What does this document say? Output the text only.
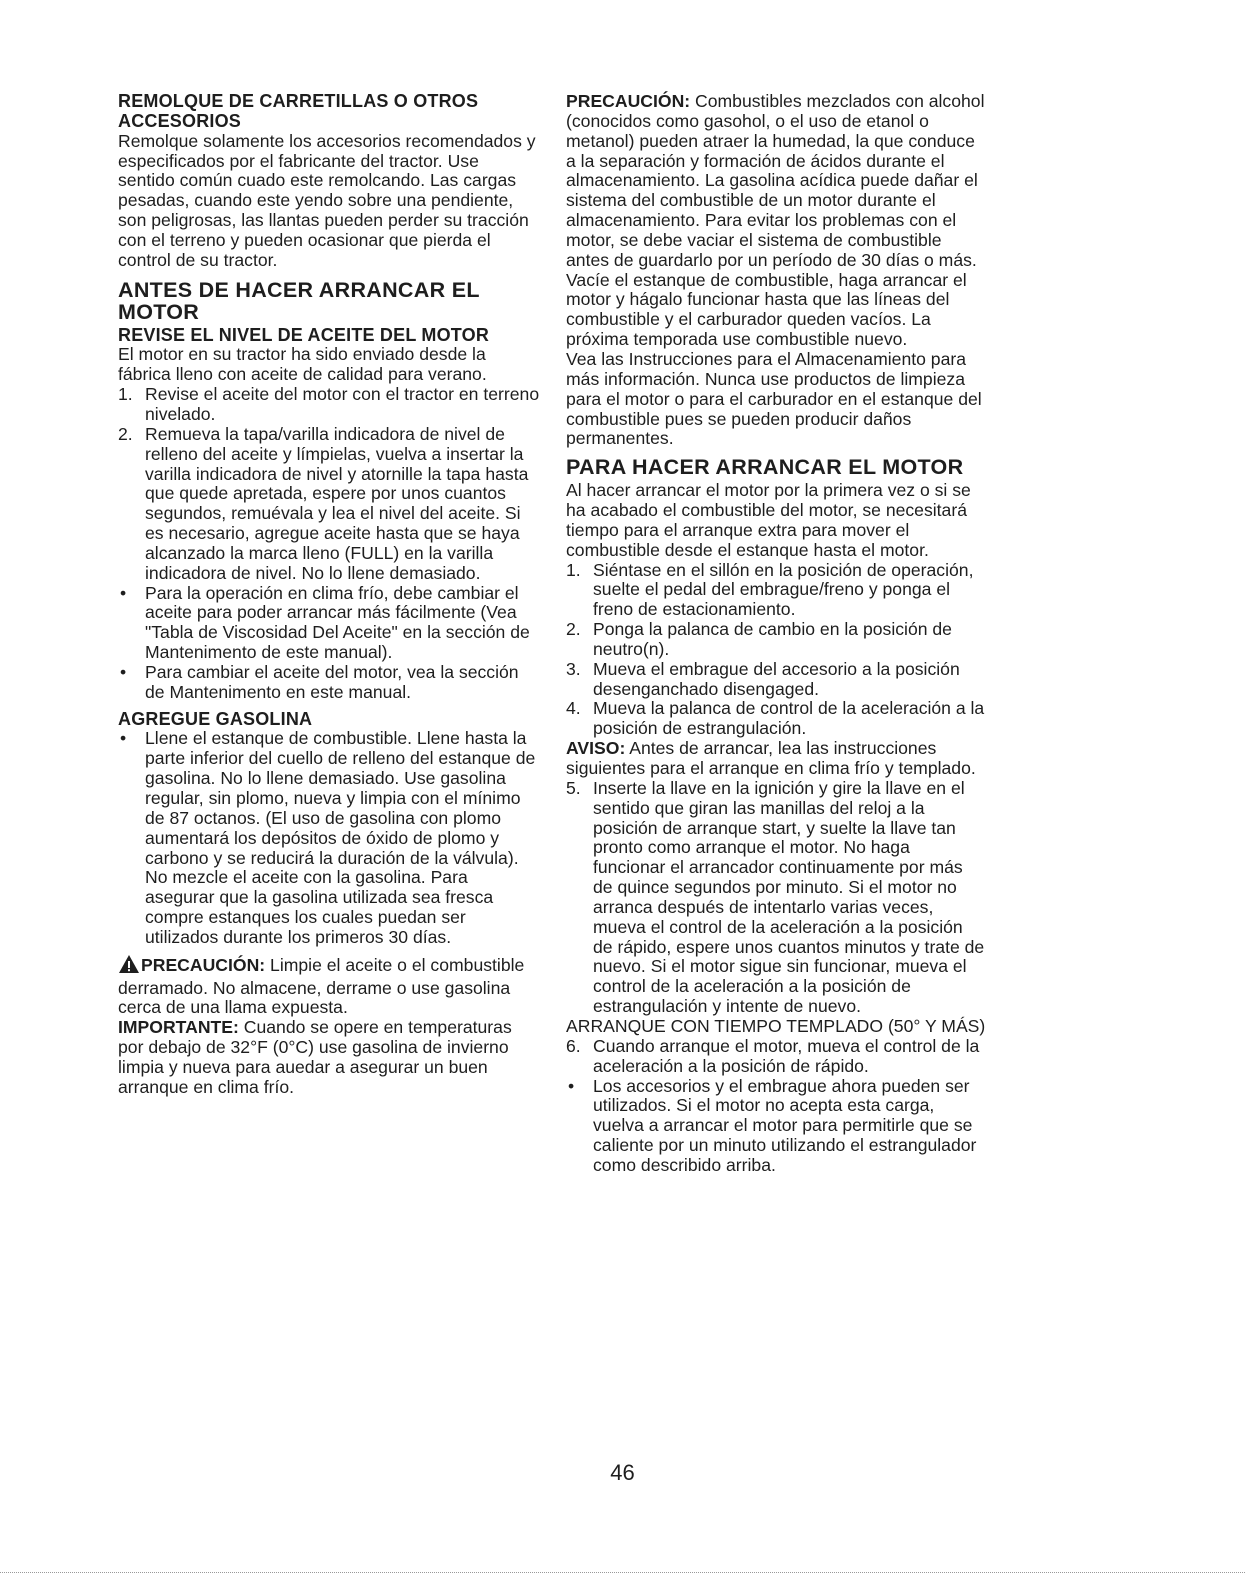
REMOLQUE DE CARRETILLAS O OTROS ACCESORIOS

Remolque solamente los accesorios recomendados y especificados por el fabricante del tractor. Use sentido común cuado este remolcando. Las cargas pesadas, cuando este yendo sobre una pendiente, son peligrosas, las llantas pueden perder su tracción con el terreno y pueden ocasionar que pierda el control de su tractor.

ANTES DE HACER ARRANCAR EL MOTOR

REVISE EL NIVEL DE ACEITE DEL MOTOR

El motor en su tractor ha sido enviado desde la fábrica lleno con aceite de calidad para verano.

1. Revise el aceite del motor con el tractor en terreno nivelado.
2. Remueva la tapa/varilla indicadora de nivel de relleno del aceite y límpielas, vuelva a insertar la varilla indicadora de nivel y atornille la tapa hasta que quede apretada, espere por unos cuantos segundos, remuévala y lea el nivel del aceite. Si es necesario, agregue aceite hasta que se haya alcanzado la marca lleno (FULL) en la varilla indicadora de nivel. No lo llene demasiado.
• Para la operación en clima frío, debe cambiar el aceite para poder arrancar más fácilmente (Vea "Tabla de Viscosidad Del Aceite" en la sección de Mantenimento de este manual).
• Para cambiar el aceite del motor, vea la sección de Mantenimento en este manual.

AGREGUE GASOLINA

• Llene el estanque de combustible. Llene hasta la parte inferior del cuello de relleno del estanque de gasolina. No lo llene demasiado. Use gasolina regular, sin plomo, nueva y limpia con el mínimo de 87 octanos. (El uso de gasolina con plomo aumentará los depósitos de óxido de plomo y carbono y se reducirá la duración de la válvula). No mezcle el aceite con la gasolina. Para asegurar que la gasolina utilizada sea fresca compre estanques los cuales puedan ser utilizados durante los primeros 30 días.

PRECAUCIÓN: Limpie el aceite o el combustible derramado. No almacene, derrame o use gasolina cerca de una llama expuesta.

IMPORTANTE: Cuando se opere en temperaturas por debajo de 32°F (0°C) use gasolina de invierno limpia y nueva para auedar a asegurar un buen arranque en clima frío.

PRECAUCIÓN: Combustibles mezclados con alcohol (conocidos como gasohol, o el uso de etanol o metanol) pueden atraer la humedad, la que conduce a la separación y formación de ácidos durante el almacenamiento. La gasolina acídica puede dañar el sistema del combustible de un motor durante el almacenamiento. Para evitar los problemas con el motor, se debe vaciar el sistema de combustible antes de guardarlo por un período de 30 días o más. Vacíe el estanque de combustible, haga arrancar el motor y hágalo funcionar hasta que las líneas del combustible y el carburador queden vacíos. La próxima temporada use combustible nuevo.

Vea las Instrucciones para el Almacenamiento para más información. Nunca use productos de limpieza para el motor o para el carburador en el estanque del combustible pues se pueden producir daños permanentes.

PARA HACER ARRANCAR EL MOTOR

Al hacer arrancar el motor por la primera vez o si se ha acabado el combustible del motor, se necesitará tiempo para el arranque extra para mover el combustible desde el estanque hasta el motor.

1. Siéntase en el sillón en la posición de operación, suelte el pedal del embrague/freno y ponga el freno de estacionamiento.
2. Ponga la palanca de cambio en la posición de neutro(n).
3. Mueva el embrague del accesorio a la posición desenganchado disengaged.
4. Mueva la palanca de control de la aceleración a la posición de estrangulación.

AVISO: Antes de arrancar, lea las instrucciones siguientes para el arranque en clima frío y templado.

5. Inserte la llave en la ignición y gire la llave en el sentido que giran las manillas del reloj a la posición de arranque start, y suelte la llave tan pronto como arranque el motor. No haga funcionar el arrancador continuamente por más de quince segundos por minuto. Si el motor no arranca después de intentarlo varias veces, mueva el control de la aceleración a la posición de rápido, espere unos cuantos minutos y trate de nuevo. Si el motor sigue sin funcionar, mueva el control de la aceleración a la posición de estrangulación y intente de nuevo.

ARRANQUE CON TIEMPO TEMPLADO (50° Y MÁS)

6. Cuando arranque el motor, mueva el control de la aceleración a la posición de rápido.
• Los accesorios y el embrague ahora pueden ser utilizados. Si el motor no acepta esta carga, vuelva a arrancar el motor para permitirle que se caliente por un minuto utilizando el estrangulador como describido arriba.
46
